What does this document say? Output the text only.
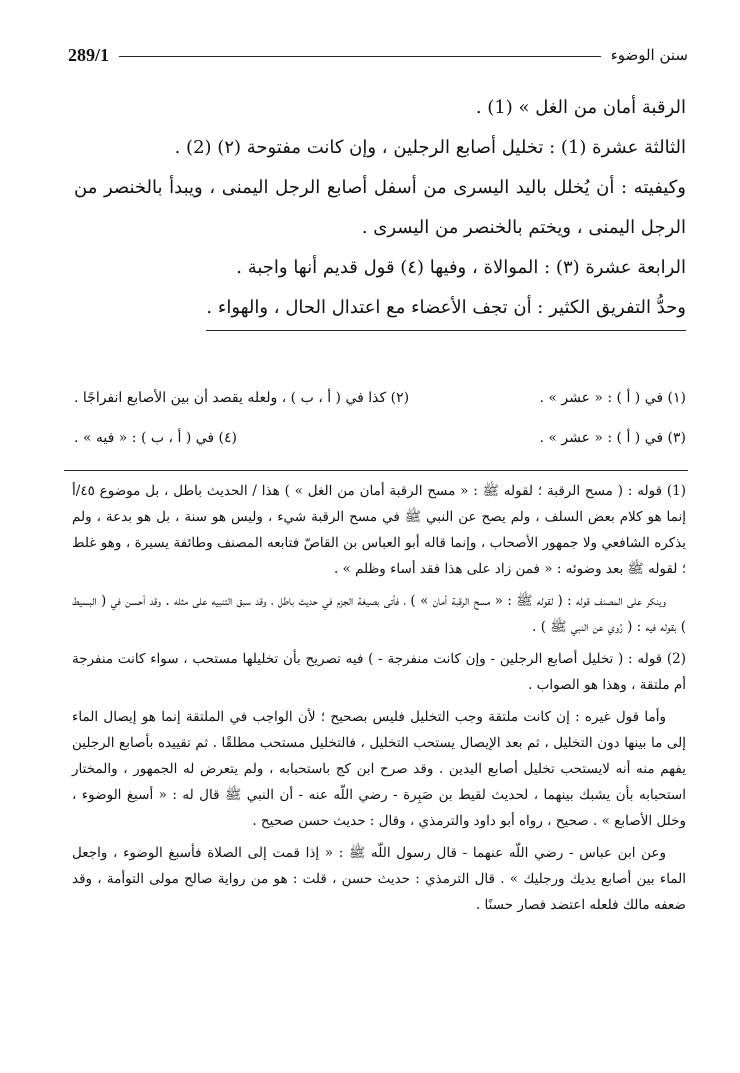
289/1	سنن الوضوء

الرقبة أمان من الغل » (1) .

الثالثة عشرة (1) : تخليل أصابع الرجلين ، وإن كانت مفتوحة (٢) (2) .

وكيفيته : أن يُخلل باليد اليسرى من أسفل أصابع الرجل اليمنى ، ويبدأ بالخنصر من الرجل اليمنى ، ويختم بالخنصر من اليسرى .

الرابعة عشرة (٣) : الموالاة ، وفيها (٤) قول قديم أنها واجبة .

وحدُّ التفريق الكثير : أن تجف الأعضاء مع اعتدال الحال ، والهواء .

(١) في ( أ ) : « عشر » .
(٢) كذا في ( أ ، ب ) ، ولعله يقصد أن بين الأصابع انفراجًا .
(٣) في ( أ ) : « عشر » .
(٤) في ( أ ، ب ) : « فيه » .

(1) قوله : ( مسح الرقبة ؛ لقوله ﷺ : « مسح الرقبة أمان من الغل » ) هذا / الحديث باطل ، بل موضوع ٤٥/أ إنما هو كلام بعض السلف ، ولم يصح عن النبي ﷺ في مسح الرقبة شيء ، وليس هو سنة ، بل هو بدعة ، ولم يذكره الشافعي ولا جمهور الأصحاب ، وإنما قاله أبو العباس بن القاصّ فتابعه المصنف وطائفة يسيرة ، وهو غلط ؛ لقوله ﷺ بعد وضوئه : « فمن زاد على هذا فقد أساء وظلم » .

وينكر على المصنف قوله : ( لقوله ﷺ : « مسح الرقبة أمان » ) ، فأتى بصيغة الجزم في حديث باطل ، وقد سبق التنبيه على مثله . وقد أحسن في ( البسيط ) بقوله فيه : ( رُوي عن النبي ﷺ ) .

(2) قوله : ( تخليل أصابع الرجلين - وإن كانت منفرجة - ) فيه تصريح بأن تخليلها مستحب ، سواء كانت منفرجة أم ملتقة ، وهذا هو الصواب .

وأما قول غيره : إن كانت ملتقة وجب التخليل فليس بصحيح ؛ لأن الواجب في الملتقة إنما هو إيصال الماء إلى ما بينها دون التخليل ، ثم بعد الإيصال يستحب التخليل ، فالتخليل مستحب مطلقًا . ثم تقييده بأصابع الرجلين يفهم منه أنه لايستحب تخليل أصابع اليدين . وقد صرح ابن كج باستحبابه ، ولم يتعرض له الجمهور ، والمختار استحبابه بأن يشبك بينهما ، لحديث لقيط بن صَبِرة - رضي اللّه عنه - أن النبي ﷺ قال له : « أسبغ الوضوء ، وخلل الأصابع » . صحيح ، رواه أبو داود والترمذي ، وقال : حديث حسن صحيح .

وعن ابن عباس - رضي اللّه عنهما - قال رسول اللّه ﷺ : « إذا قمت إلى الصلاة فأسبغ الوضوء ، واجعل الماء بين أصابع يديك ورجليك » . قال الترمذي : حديث حسن ، قلت : هو من رواية صالح مولى التوأمة ، وقد ضعفه مالك فلعله اعتضد فصار حسنًا .
